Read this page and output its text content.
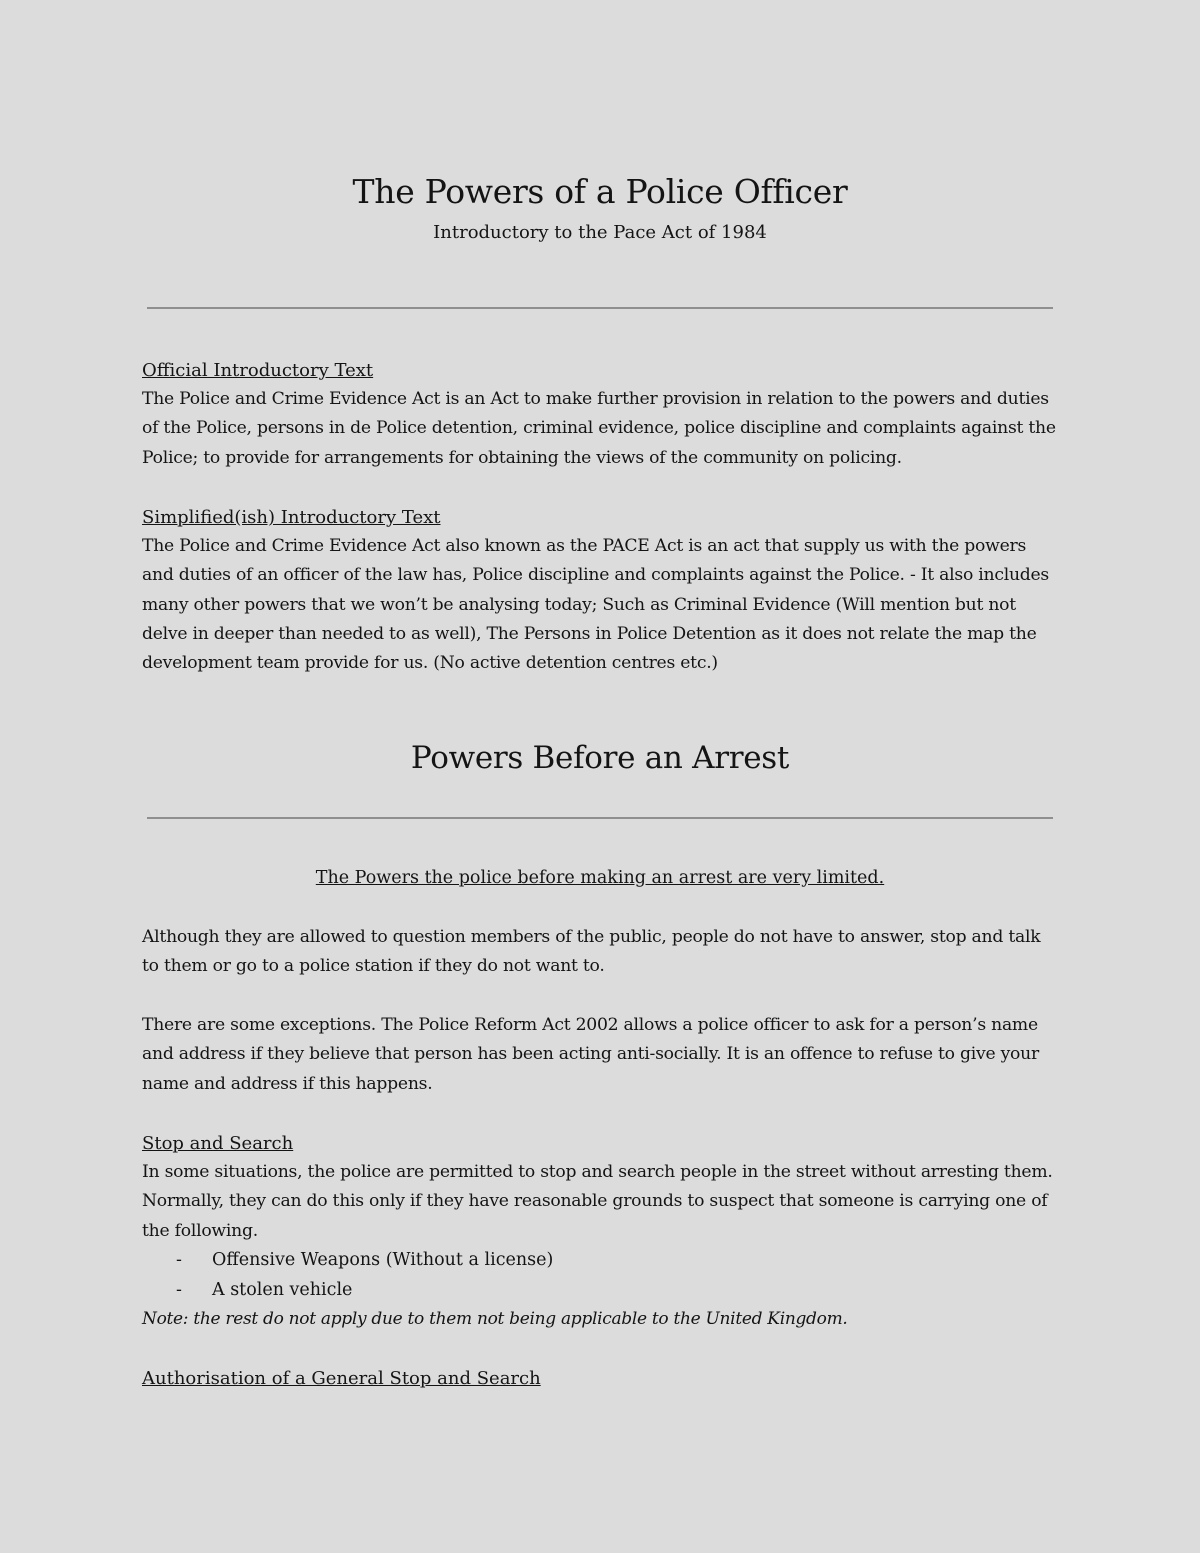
The Powers of a Police Officer

Introductory to the Pace Act of 1984

Official Introductory Text

The Police and Crime Evidence Act is an Act to make further provision in relation to the powers and duties of the Police, persons in de Police detention, criminal evidence, police discipline and complaints against the Police; to provide for arrangements for obtaining the views of the community on policing.

Simplified(ish) Introductory Text

The Police and Crime Evidence Act also known as the PACE Act is an act that supply us with the powers and duties of an officer of the law has, Police discipline and complaints against the Police. - It also includes many other powers that we won’t be analysing today; Such as Criminal Evidence (Will mention but not delve in deeper than needed to as well), The Persons in Police Detention as it does not relate the map the development team provide for us. (No active detention centres etc.)

Powers Before an Arrest

The Powers the police before making an arrest are very limited.

Although they are allowed to question members of the public, people do not have to answer, stop and talk to them or go to a police station if they do not want to.

There are some exceptions. The Police Reform Act 2002 allows a police officer to ask for a person’s name and address if they believe that person has been acting anti-socially. It is an offence to refuse to give your name and address if this happens.

Stop and Search

In some situations, the police are permitted to stop and search people in the street without arresting them. Normally, they can do this only if they have reasonable grounds to suspect that someone is carrying one of the following.

- Offensive Weapons (Without a license)

- A stolen vehicle

Note: the rest do not apply due to them not being applicable to the United Kingdom.

Authorisation of a General Stop and Search
